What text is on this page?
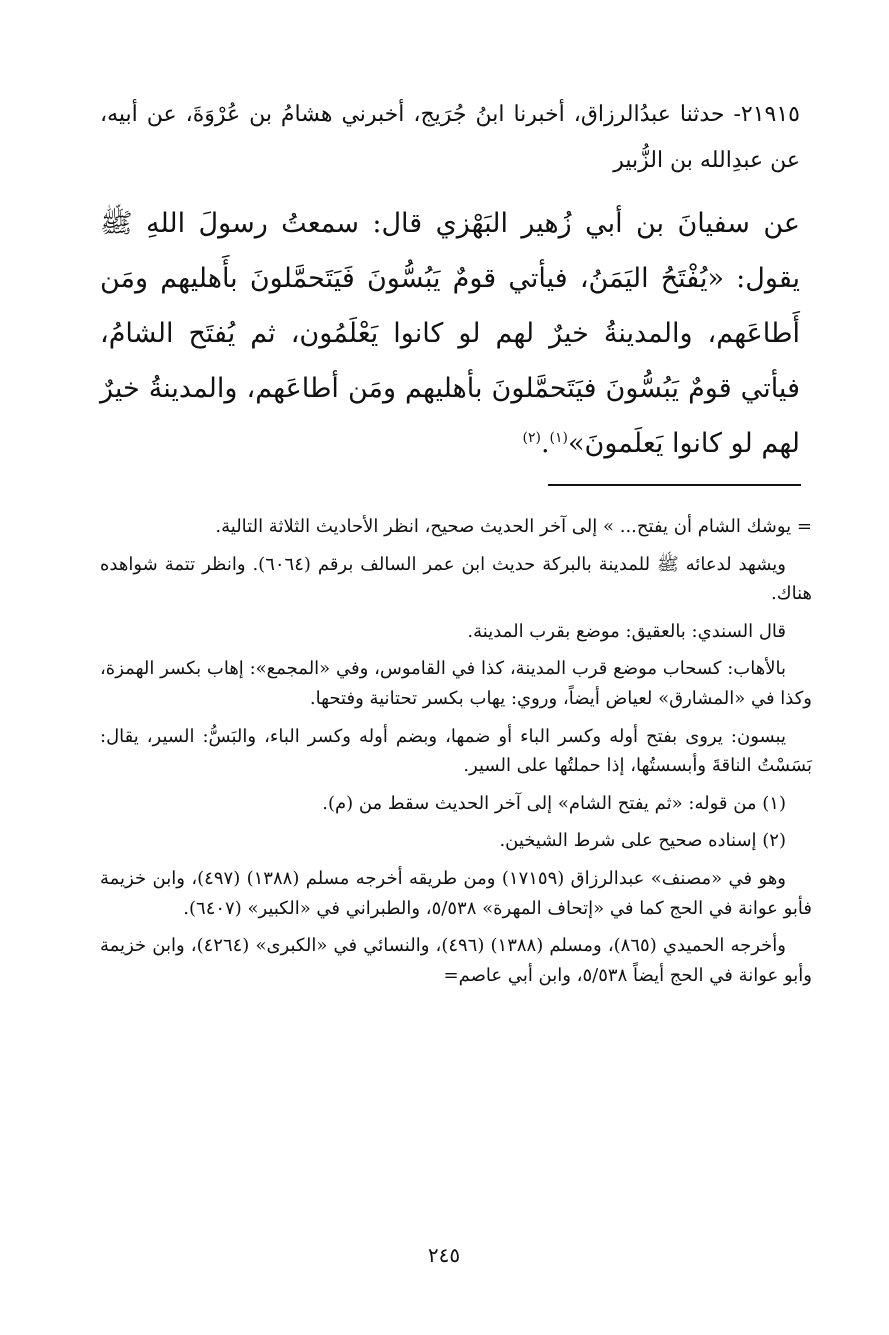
٢١٩١٥- حدثنا عبدُالرزاق، أخبرنا ابنُ جُرَيج، أخبرني هشامُ بن عُرْوَةَ، عن أبيه، عن عبدِالله بن الزُّبير

عن سفيانَ بن أبي زُهير البَهْزي قال: سمعتُ رسولَ اللهِ ﷺ يقول: «يُفْتَحُ اليَمَنُ، فيأتي قومٌ يَبُسُّونَ فَيَتَحمَّلونَ بأَهليهم ومَن أَطاعَهم، والمدينةُ خيرٌ لهم لو كانوا يَعْلَمُون، ثم يُفتَح الشامُ، فيأتي قومٌ يَبُسُّونَ فيَتَحمَّلونَ بأهليهم ومَن أطاعَهم، والمدينةُ خيرٌ لهم لو كانوا يَعلَمونَ»$^{(١)}$.$^{(٢)}$

= يوشك الشام أن يفتح... » إلى آخر الحديث صحيح، انظر الأحاديث الثلاثة التالية.

ويشهد لدعائه ﷺ للمدينة بالبركة حديث ابن عمر السالف برقم (٦٠٦٤). وانظر تتمة شواهده هناك.

قال السندي: بالعقيق: موضع بقرب المدينة.

بالأهاب: كسحاب موضع قرب المدينة، كذا في القاموس، وفي «المجمع»: إهاب بكسر الهمزة، وكذا في «المشارق» لعياض أيضاً، وروي: يهاب بكسر تحتانية وفتحها.

يبسون: يروى بفتح أوله وكسر الباء أو ضمها، وبضم أوله وكسر الباء، والبَسُّ: السير، يقال: بَسَسْتُ الناقةَ وأبسستُها، إذا حملتُها على السير.

(١) من قوله: «ثم يفتح الشام» إلى آخر الحديث سقط من (م).

(٢) إسناده صحيح على شرط الشيخين.

وهو في «مصنف» عبدالرزاق (١٧١٥٩) ومن طريقه أخرجه مسلم (١٣٨٨) (٤٩٧)، وابن خزيمة فأبو عوانة في الحج كما في «إتحاف المهرة» ٥/٥٣٨، والطبراني في «الكبير» (٦٤٠٧).

وأخرجه الحميدي (٨٦٥)، ومسلم (١٣٨٨) (٤٩٦)، والنسائي في «الكبرى» (٤٢٦٤)، وابن خزيمة وأبو عوانة في الحج أيضاً ٥/٥٣٨، وابن أبي عاصم=

٢٤٥
